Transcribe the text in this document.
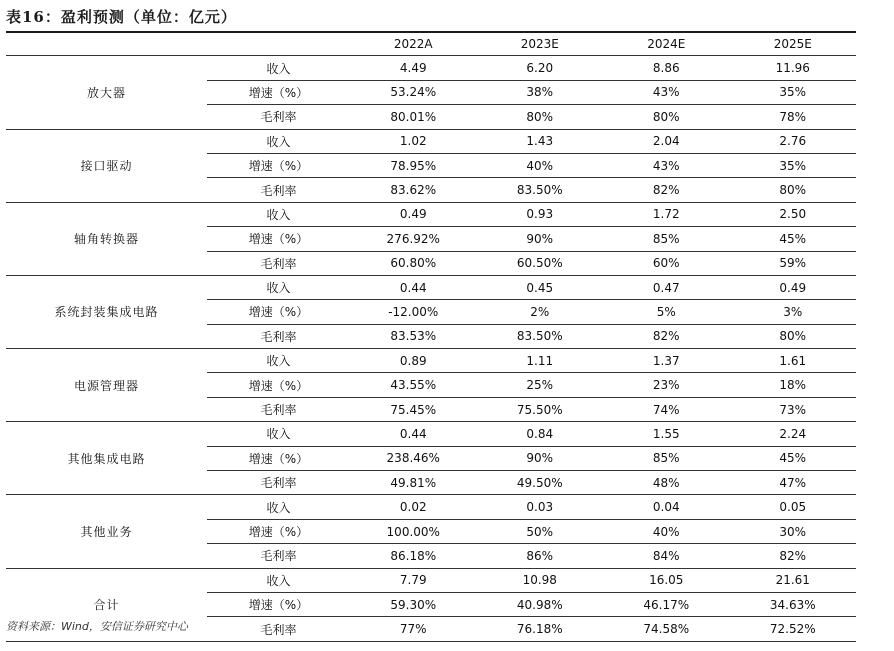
表16：盈利预测（单位：亿元）
		2022A	2023E	2024E	2025E
放大器	收入	4.49	6.20	8.86	11.96
	增速（%）	53.24%	38%	43%	35%
	毛利率	80.01%	80%	80%	78%
接口驱动	收入	1.02	1.43	2.04	2.76
	增速（%）	78.95%	40%	43%	35%
	毛利率	83.62%	83.50%	82%	80%
轴角转换器	收入	0.49	0.93	1.72	2.50
	增速（%）	276.92%	90%	85%	45%
	毛利率	60.80%	60.50%	60%	59%
系统封装集成电路	收入	0.44	0.45	0.47	0.49
	增速（%）	-12.00%	2%	5%	3%
	毛利率	83.53%	83.50%	82%	80%
电源管理器	收入	0.89	1.11	1.37	1.61
	增速（%）	43.55%	25%	23%	18%
	毛利率	75.45%	75.50%	74%	73%
其他集成电路	收入	0.44	0.84	1.55	2.24
	增速（%）	238.46%	90%	85%	45%
	毛利率	49.81%	49.50%	48%	47%
其他业务	收入	0.02	0.03	0.04	0.05
	增速（%）	100.00%	50%	40%	30%
	毛利率	86.18%	86%	84%	82%
合计	收入	7.79	10.98	16.05	21.61
	增速（%）	59.30%	40.98%	46.17%	34.63%
	毛利率	77%	76.18%	74.58%	72.52%
资料来源：Wind，安信证券研究中心
